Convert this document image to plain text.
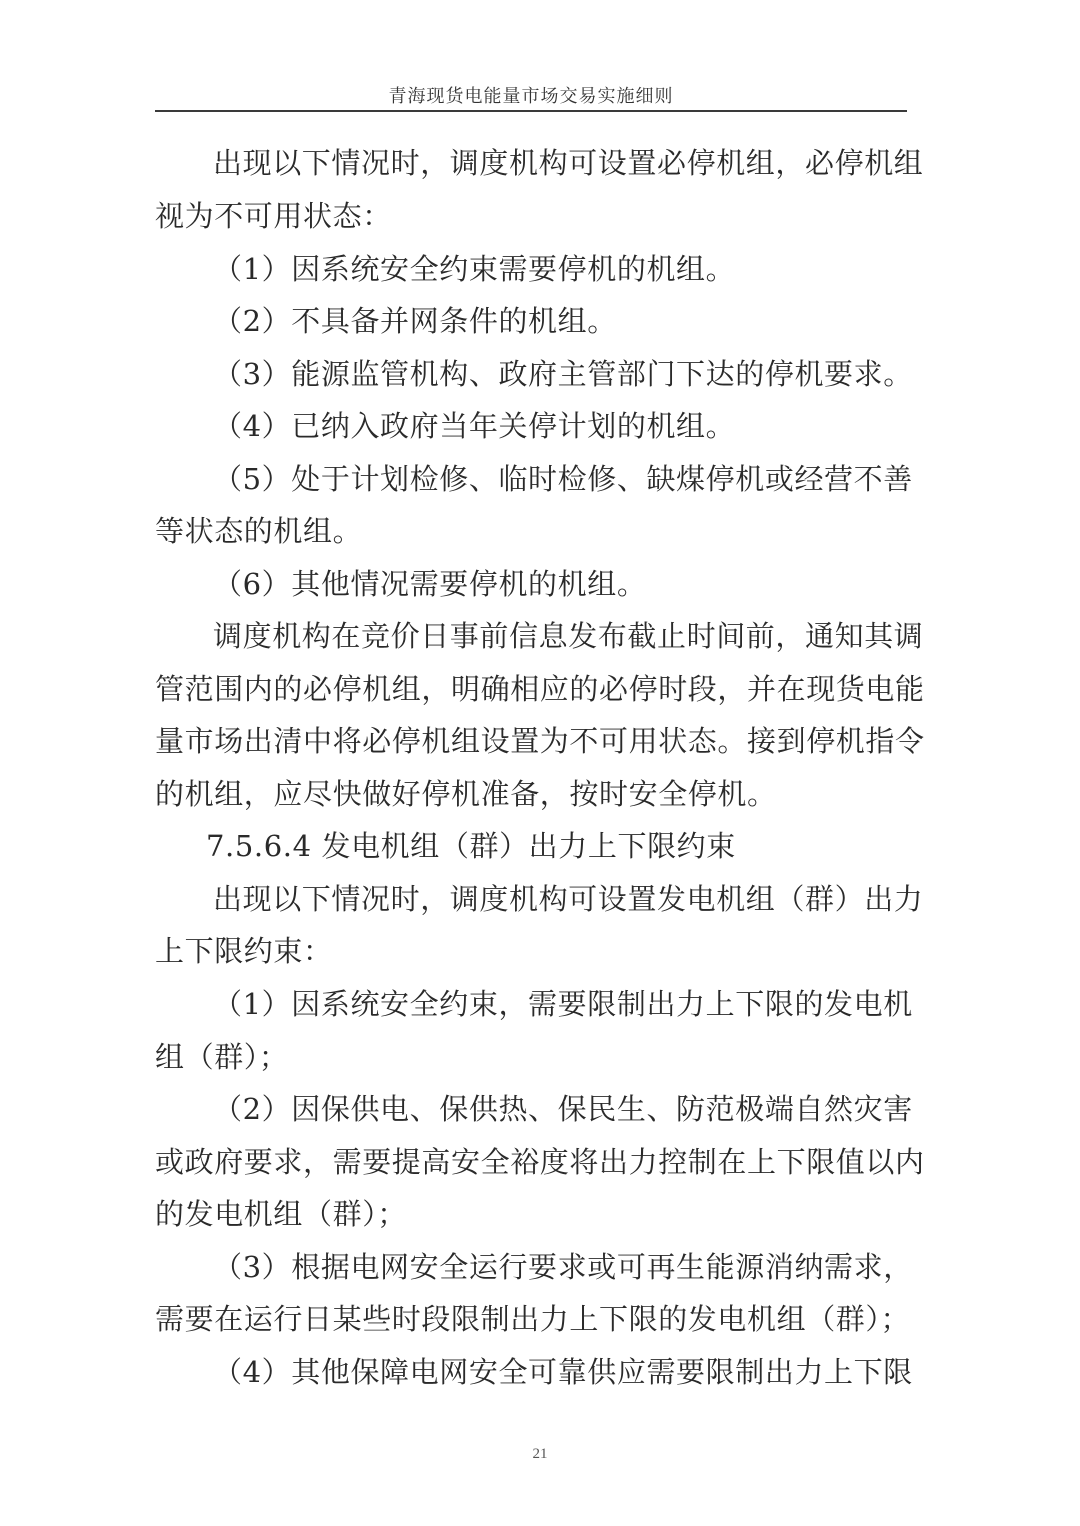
青海现货电能量市场交易实施细则
出现以下情况时，调度机构可设置必停机组，必停机组
视为不可用状态：
（1）因系统安全约束需要停机的机组。
（2）不具备并网条件的机组。
（3）能源监管机构、政府主管部门下达的停机要求。
（4）已纳入政府当年关停计划的机组。
（5）处于计划检修、临时检修、缺煤停机或经营不善
等状态的机组。
（6）其他情况需要停机的机组。
调度机构在竞价日事前信息发布截止时间前，通知其调
管范围内的必停机组，明确相应的必停时段，并在现货电能
量市场出清中将必停机组设置为不可用状态。接到停机指令
的机组，应尽快做好停机准备，按时安全停机。
7.5.6.4 发电机组（群）出力上下限约束
出现以下情况时，调度机构可设置发电机组（群）出力
上下限约束：
（1）因系统安全约束，需要限制出力上下限的发电机
组（群）；
（2）因保供电、保供热、保民生、防范极端自然灾害
或政府要求，需要提高安全裕度将出力控制在上下限值以内
的发电机组（群）；
（3）根据电网安全运行要求或可再生能源消纳需求，
需要在运行日某些时段限制出力上下限的发电机组（群）；
（4）其他保障电网安全可靠供应需要限制出力上下限
21
